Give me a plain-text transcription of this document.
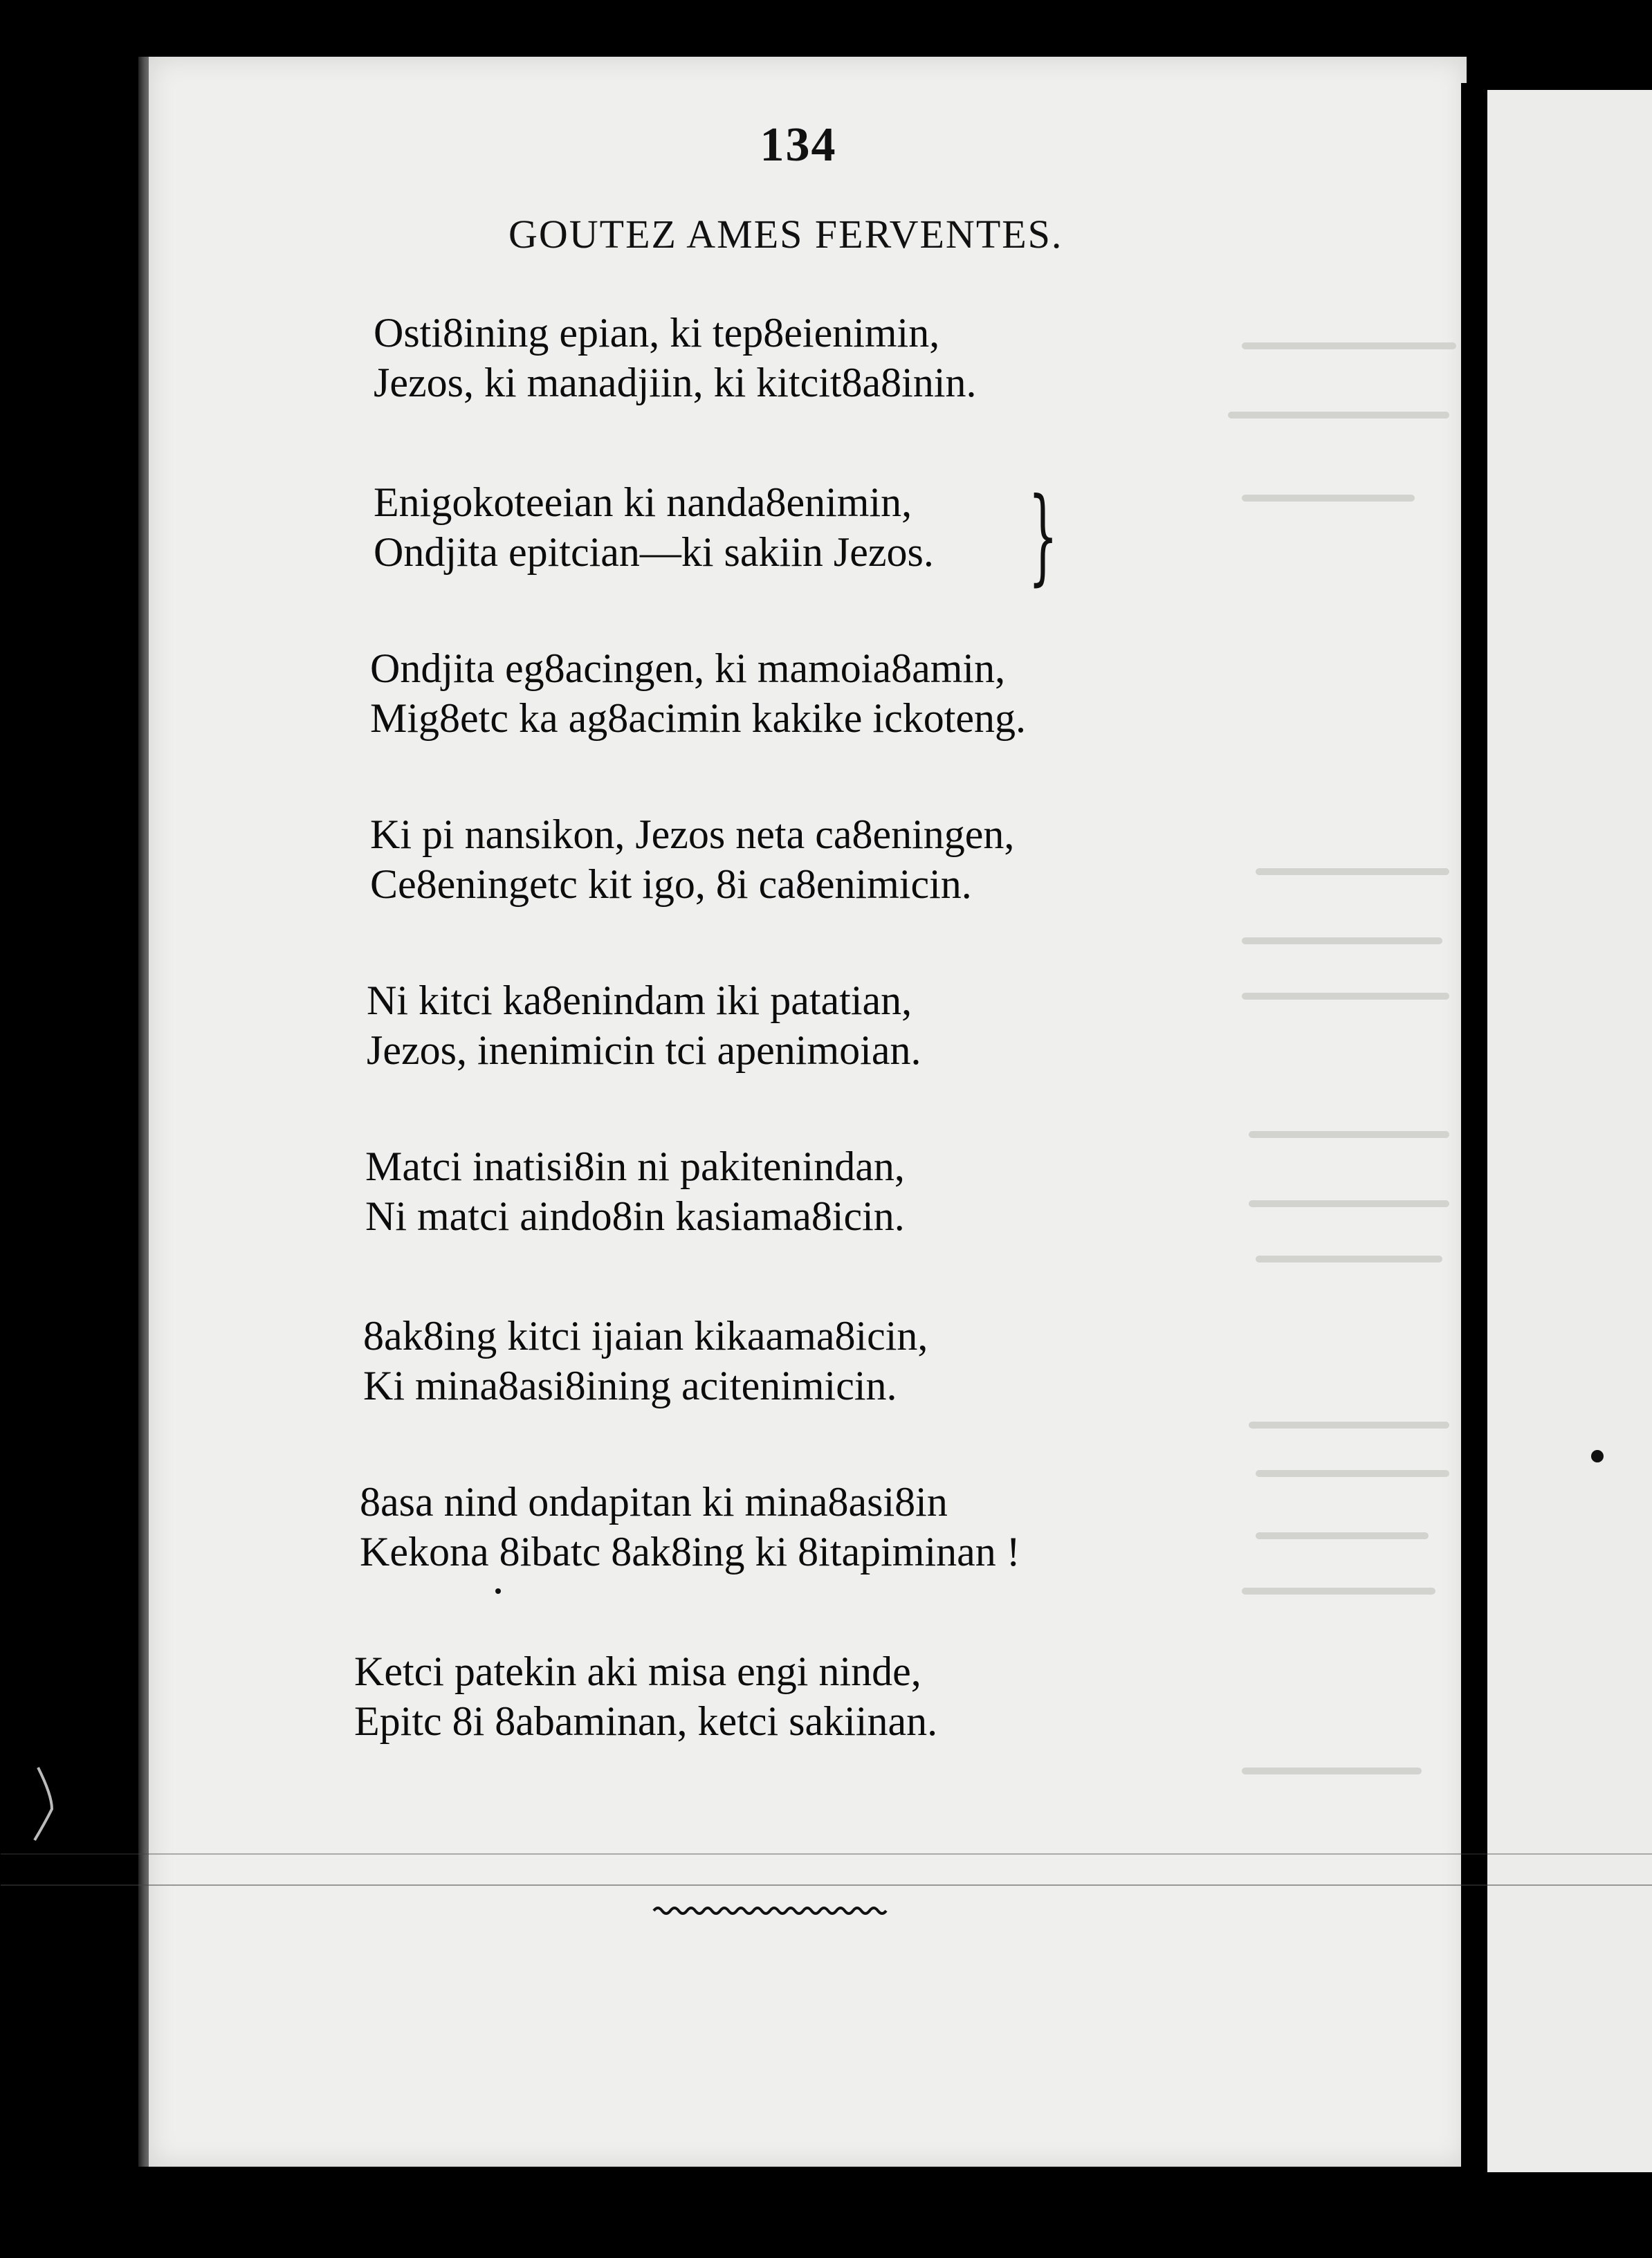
134
GOUTEZ AMES FERVENTES.
Osti8ining epian, ki tep8eienimin,
Jezos, ki manadjiin, ki kitcit8a8inin.
Enigokoteeian ki nanda8enimin,
Ondjita epitcian—ki sakiin Jezos. }
Ondjita eg8acingen, ki mamoia8amin,
Mig8etc ka ag8acimin kakike ickoteng.
Ki pi nansikon, Jezos neta ca8eningen,
Ce8eningetc kit igo, 8i ca8enimicin.
Ni kitci ka8enindam iki patatian,
Jezos, inenimicin tci apenimoian.
Matci inatisi8in ni pakitenindan,
Ni matci aindo8in kasiama8icin.
8ak8ing kitci ijaian kikaama8icin,
Ki mina8asi8ining acitenimicin.
8asa nind ondapitan ki mina8asi8in
Kekona 8ibatc 8ak8ing ki 8itapiminan !
Ketci patekin aki misa engi ninde,
Epitc 8i 8abaminan, ketci sakiinan.
